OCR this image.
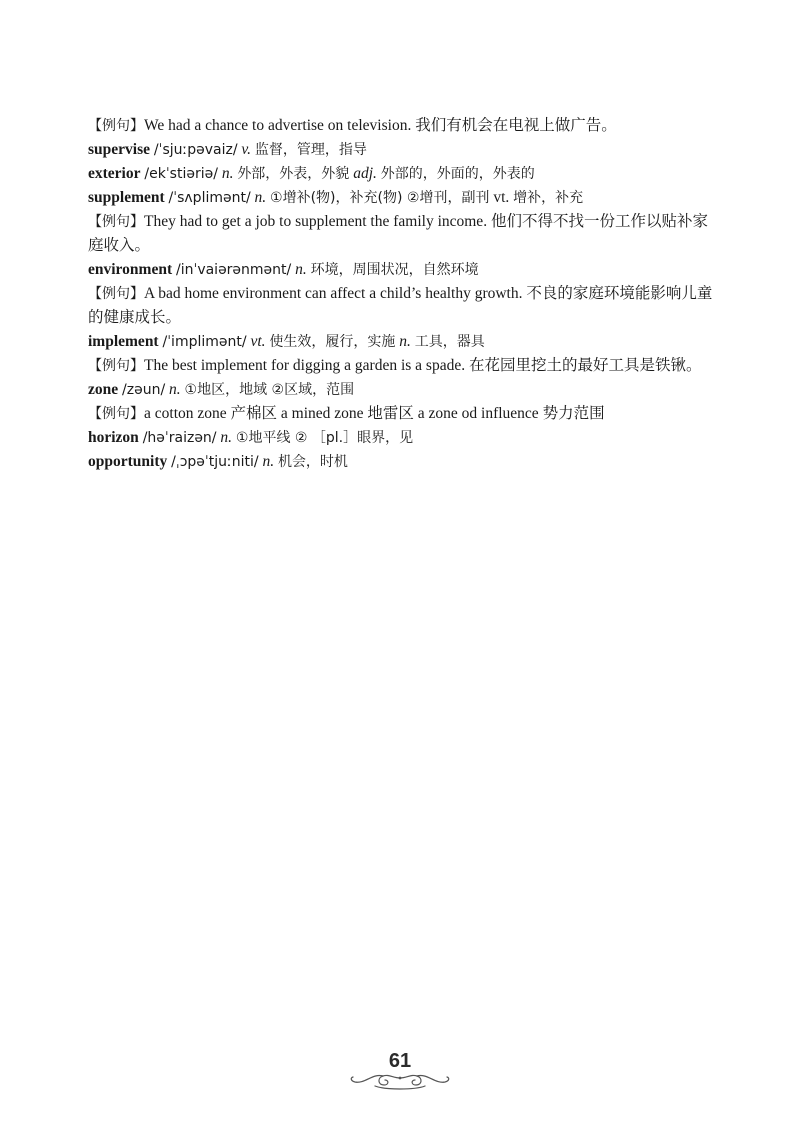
【例句】We had a chance to advertise on television. 我们有机会在电视上做广告。
supervise /ˈsjuːpəvaiz/ v. 监督，管理，指导
exterior /ekˈstiəriə/ n. 外部，外表，外貌 adj. 外部的，外面的，外表的
supplement /ˈsʌplimənt/ n. ①增补(物)，补充(物) ②增刊，副刊 vt. 增补，补充
【例句】They had to get a job to supplement the family income. 他们不得不找一份工作以贴补家庭收入。
environment /inˈvaiərənmənt/ n. 环境，周围状况，自然环境
【例句】A bad home environment can affect a child’s healthy growth. 不良的家庭环境能影响儿童的健康成长。
implement /ˈimplimənt/ vt. 使生效，履行，实施 n. 工具，器具
【例句】The best implement for digging a garden is a spade. 在花园里挖土的最好工具是铁锹。
zone /zəun/ n. ①地区，地域 ②区域，范围
【例句】a cotton zone 产棉区 a mined zone 地雷区 a zone od influence 势力范围
horizon /həˈraizən/ n. ①地平线 ② ［pl.］眼界，见
opportunity /ˌɔpəˈtjuːniti/ n. 机会，时机
61
